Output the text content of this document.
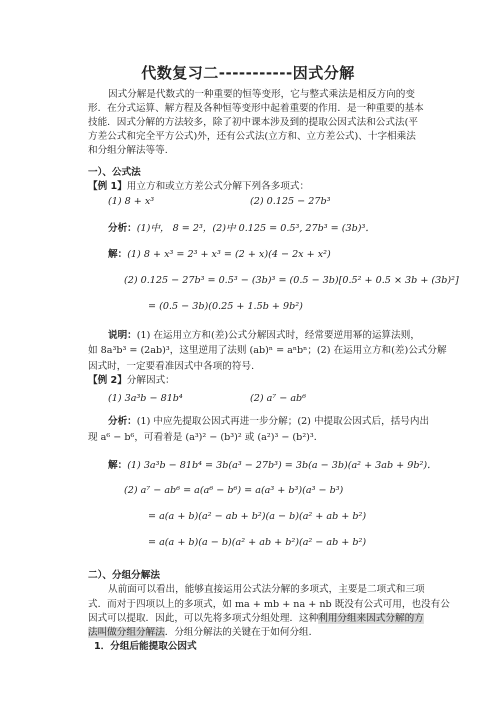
代数复习二-----------因式分解
因式分解是代数式的一种重要的恒等变形，它与整式乘法是相反方向的变
形．在分式运算、解方程及各种恒等变形中起着重要的作用．是一种重要的基本
技能．因式分解的方法较多，除了初中课本涉及到的提取公因式法和公式法(平
方差公式和完全平方公式)外，还有公式法(立方和、立方差公式)、十字相乘法
和分组分解法等等.
一）、公式法
【例 1】用立方和或立方差公式分解下列各多项式：
(1) 8 + x³	(2) 0.125 − 27b³
分析：(1)中， 8 = 2³，(2)中 0.125 = 0.5³, 27b³ = (3b)³．
解：(1) 8 + x³ = 2³ + x³ = (2 + x)(4 − 2x + x²)
(2) 0.125 − 27b³ = 0.5³ − (3b)³ = (0.5 − 3b)[0.5² + 0.5 × 3b + (3b)²]
= (0.5 − 3b)(0.25 + 1.5b + 9b²)
说明：(1) 在运用立方和(差)公式分解因式时，经常要逆用幂的运算法则，
如 8a³b³ = (2ab)³，这里逆用了法则 (ab)ⁿ = aⁿbⁿ；(2) 在运用立方和(差)公式分解
因式时，一定要看准因式中各项的符号．
【例 2】分解因式：
(1) 3a³b − 81b⁴	(2) a⁷ − ab⁶
分析：(1) 中应先提取公因式再进一步分解；(2) 中提取公因式后，括号内出
现 a⁶ − b⁶，可看着是 (a³)² − (b³)² 或 (a²)³ − (b²)³．
解：(1) 3a³b − 81b⁴ = 3b(a³ − 27b³) = 3b(a − 3b)(a² + 3ab + 9b²)．
(2) a⁷ − ab⁶ = a(a⁶ − b⁶) = a(a³ + b³)(a³ − b³)
= a(a + b)(a² − ab + b²)(a − b)(a² + ab + b²)
= a(a + b)(a − b)(a² + ab + b²)(a² − ab + b²)
二）、分组分解法
从前面可以看出，能够直接运用公式法分解的多项式，主要是二项式和三项
式．而对于四项以上的多项式，如 ma + mb + na + nb 既没有公式可用，也没有公
因式可以提取．因此，可以先将多项式分组处理．这种利用分组来因式分解的方
法叫做分组分解法．分组分解法的关键在于如何分组．
1．分组后能提取公因式
